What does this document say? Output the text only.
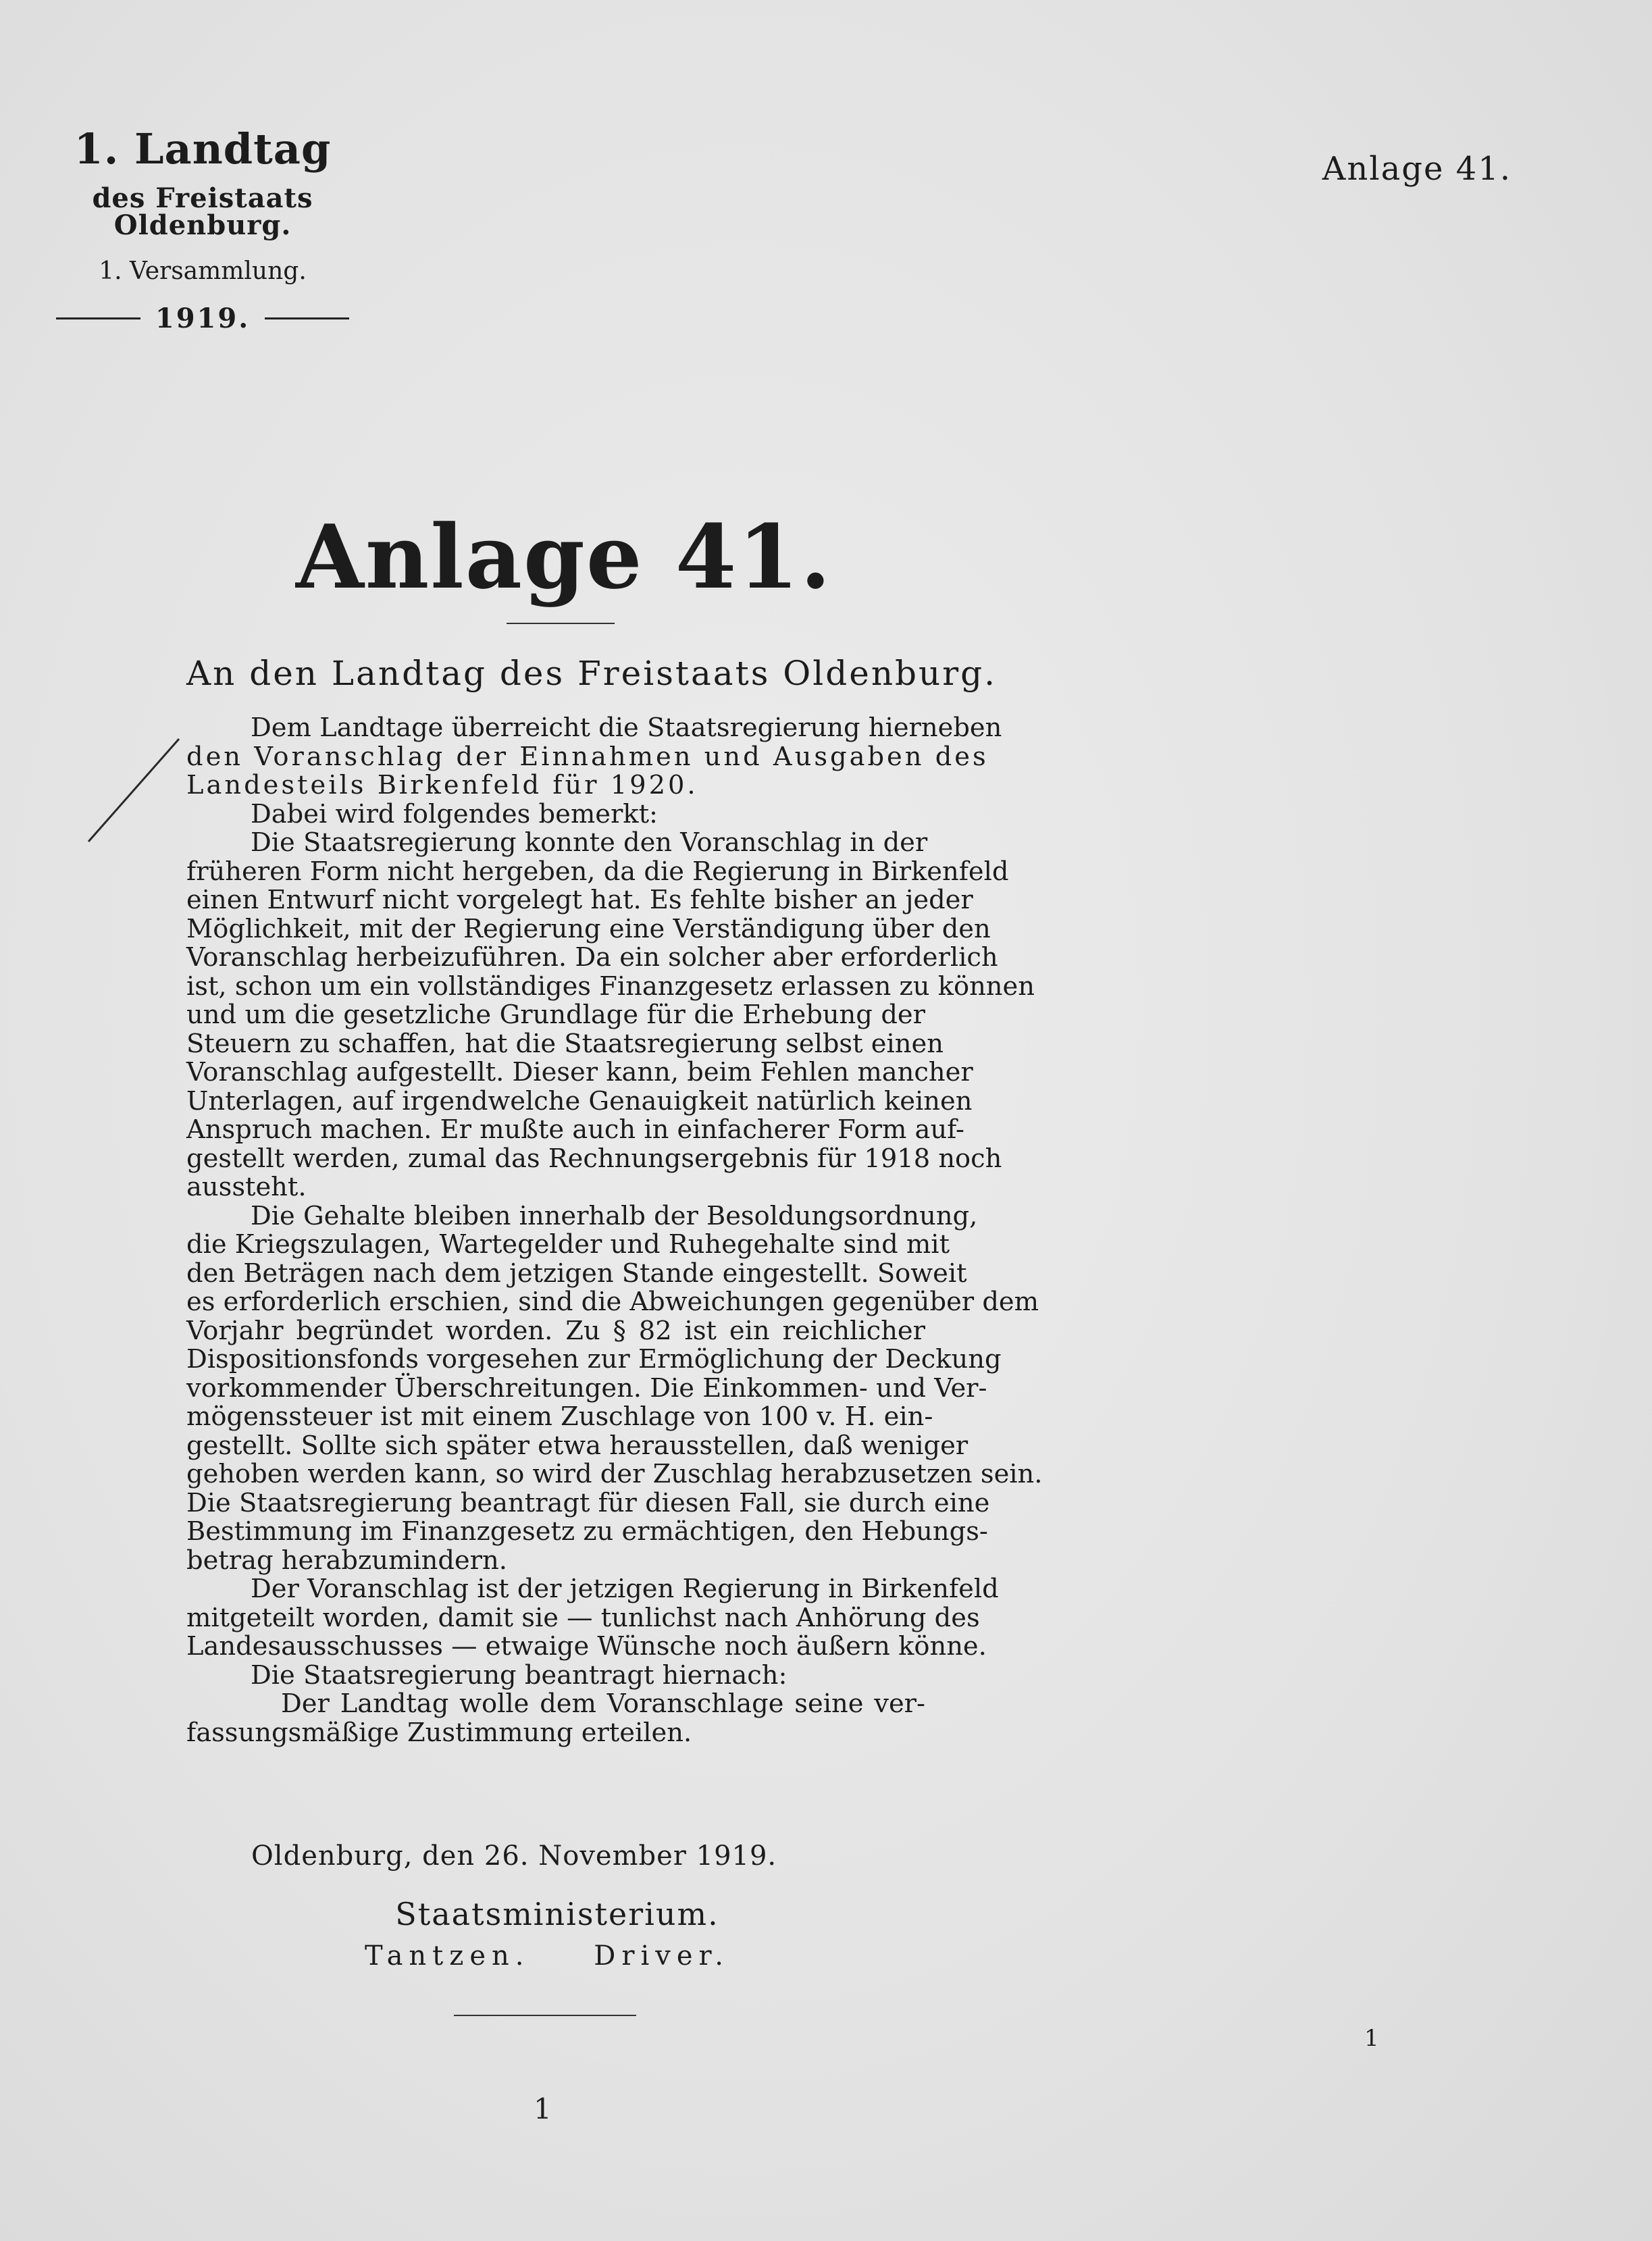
1. Landtag
des Freistaats Oldenburg.
1. Versammlung.
1919.
Anlage 41.
Anlage 41.
An den Landtag des Freistaats Oldenburg.
Dem Landtage überreicht die Staatsregierung hierneben
den Voranschlag der Einnahmen und Ausgaben des
Landesteils Birkenfeld für 1920.
Dabei wird folgendes bemerkt:
Die Staatsregierung konnte den Voranschlag in der
früheren Form nicht hergeben, da die Regierung in Birkenfeld
einen Entwurf nicht vorgelegt hat. Es fehlte bisher an jeder
Möglichkeit, mit der Regierung eine Verständigung über den
Voranschlag herbeizuführen. Da ein solcher aber erforderlich
ist, schon um ein vollständiges Finanzgesetz erlassen zu können
und um die gesetzliche Grundlage für die Erhebung der
Steuern zu schaffen, hat die Staatsregierung selbst einen
Voranschlag aufgestellt. Dieser kann, beim Fehlen mancher
Unterlagen, auf irgendwelche Genauigkeit natürlich keinen
Anspruch machen. Er mußte auch in einfacherer Form auf-
gestellt werden, zumal das Rechnungsergebnis für 1918 noch
aussteht.
Die Gehalte bleiben innerhalb der Besoldungsordnung,
die Kriegszulagen, Wartegelder und Ruhegehalte sind mit
den Beträgen nach dem jetzigen Stande eingestellt. Soweit
es erforderlich erschien, sind die Abweichungen gegenüber dem
Vorjahr begründet worden. Zu § 82 ist ein reichlicher
Dispositionsfonds vorgesehen zur Ermöglichung der Deckung
vorkommender Überschreitungen. Die Einkommen- und Ver-
mögenssteuer ist mit einem Zuschlage von 100 v. H. ein-
gestellt. Sollte sich später etwa herausstellen, daß weniger
gehoben werden kann, so wird der Zuschlag herabzusetzen sein.
Die Staatsregierung beantragt für diesen Fall, sie durch eine
Bestimmung im Finanzgesetz zu ermächtigen, den Hebungs-
betrag herabzumindern.
Der Voranschlag ist der jetzigen Regierung in Birkenfeld
mitgeteilt worden, damit sie — tunlichst nach Anhörung des
Landesausschusses — etwaige Wünsche noch äußern könne.
Die Staatsregierung beantragt hiernach:
Der Landtag wolle dem Voranschlage seine ver-
fassungsmäßige Zustimmung erteilen.
Oldenburg, den 26. November 1919.
Staatsministerium.
Tantzen. Driver.
1
1
